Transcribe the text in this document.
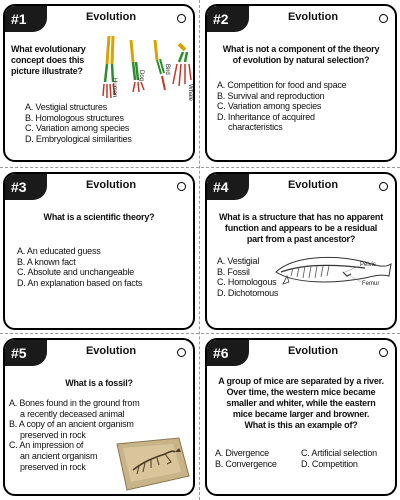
#1	Evolution
What evolutionary
concept does this
picture illustrate?
Human
Dog
Bird
Whale
A. Vestigial structures
B. Homologous structures
C. Variation among species
D. Embryological similarities
#2	Evolution
What is not a component of the theory
of evolution by natural selection?
A. Competition for food and space
B. Survival and reproduction
C. Variation among species
D. Inheritance of acquired
characteristics
#3	Evolution
What is a scientific theory?
A. An educated guess
B. A known fact
C. Absolute and unchangeable
D. An explanation based on facts
#4	Evolution
What is a structure that has no apparent
function and appears to be a residual
part from a past ancestor?
A. Vestigial
B. Fossil
C. Homologous
D. Dichotomous
Pelvis
Femur
#5	Evolution
What is a fossil?
A. Bones found in the ground from
a recently deceased animal
B. A copy of an ancient organism
preserved in rock
C. An impression of
an ancient organism
preserved in rock
#6	Evolution
A group of mice are separated by a river.
Over time, the western mice became
smaller and whiter, while the eastern
mice became larger and browner.
What is this an example of?
A. Divergence
B. Convergence
C. Artificial selection
D. Competition
